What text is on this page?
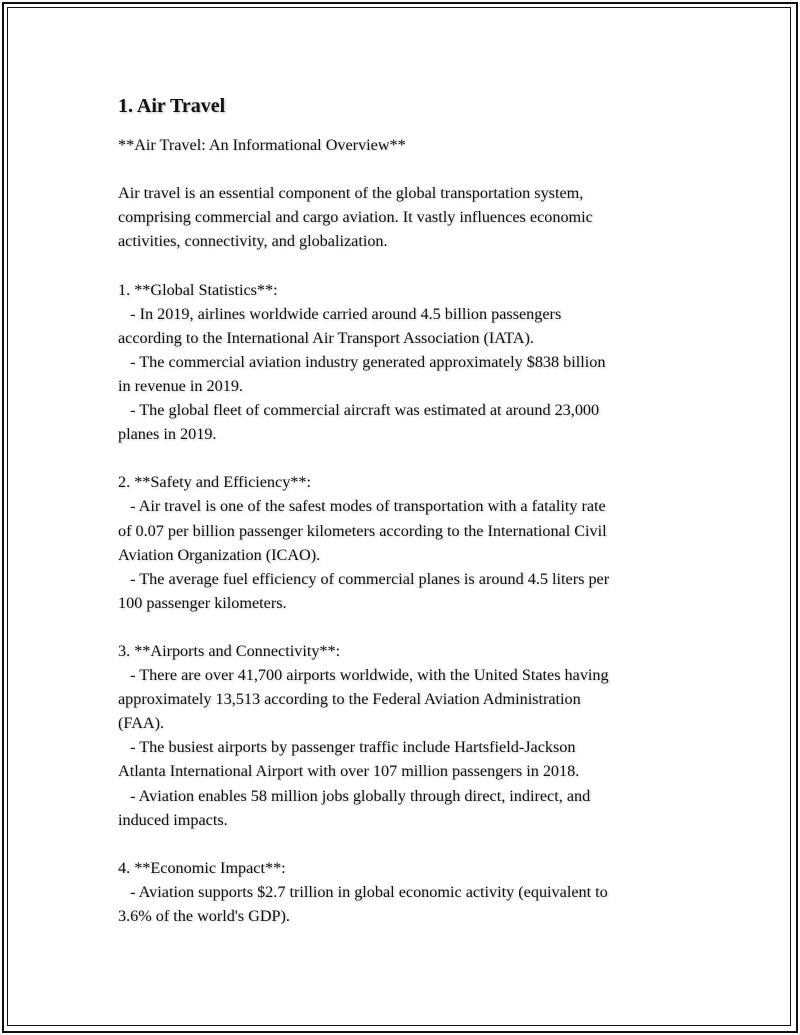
1. Air Travel
**Air Travel: An Informational Overview**
Air travel is an essential component of the global transportation system,
comprising commercial and cargo aviation. It vastly influences economic
activities, connectivity, and globalization.
1. **Global Statistics**:
- In 2019, airlines worldwide carried around 4.5 billion passengers
according to the International Air Transport Association (IATA).
- The commercial aviation industry generated approximately $838 billion
in revenue in 2019.
- The global fleet of commercial aircraft was estimated at around 23,000
planes in 2019.
2. **Safety and Efficiency**:
- Air travel is one of the safest modes of transportation with a fatality rate
of 0.07 per billion passenger kilometers according to the International Civil
Aviation Organization (ICAO).
- The average fuel efficiency of commercial planes is around 4.5 liters per
100 passenger kilometers.
3. **Airports and Connectivity**:
- There are over 41,700 airports worldwide, with the United States having
approximately 13,513 according to the Federal Aviation Administration
(FAA).
- The busiest airports by passenger traffic include Hartsfield-Jackson
Atlanta International Airport with over 107 million passengers in 2018.
- Aviation enables 58 million jobs globally through direct, indirect, and
induced impacts.
4. **Economic Impact**:
- Aviation supports $2.7 trillion in global economic activity (equivalent to
3.6% of the world's GDP).
